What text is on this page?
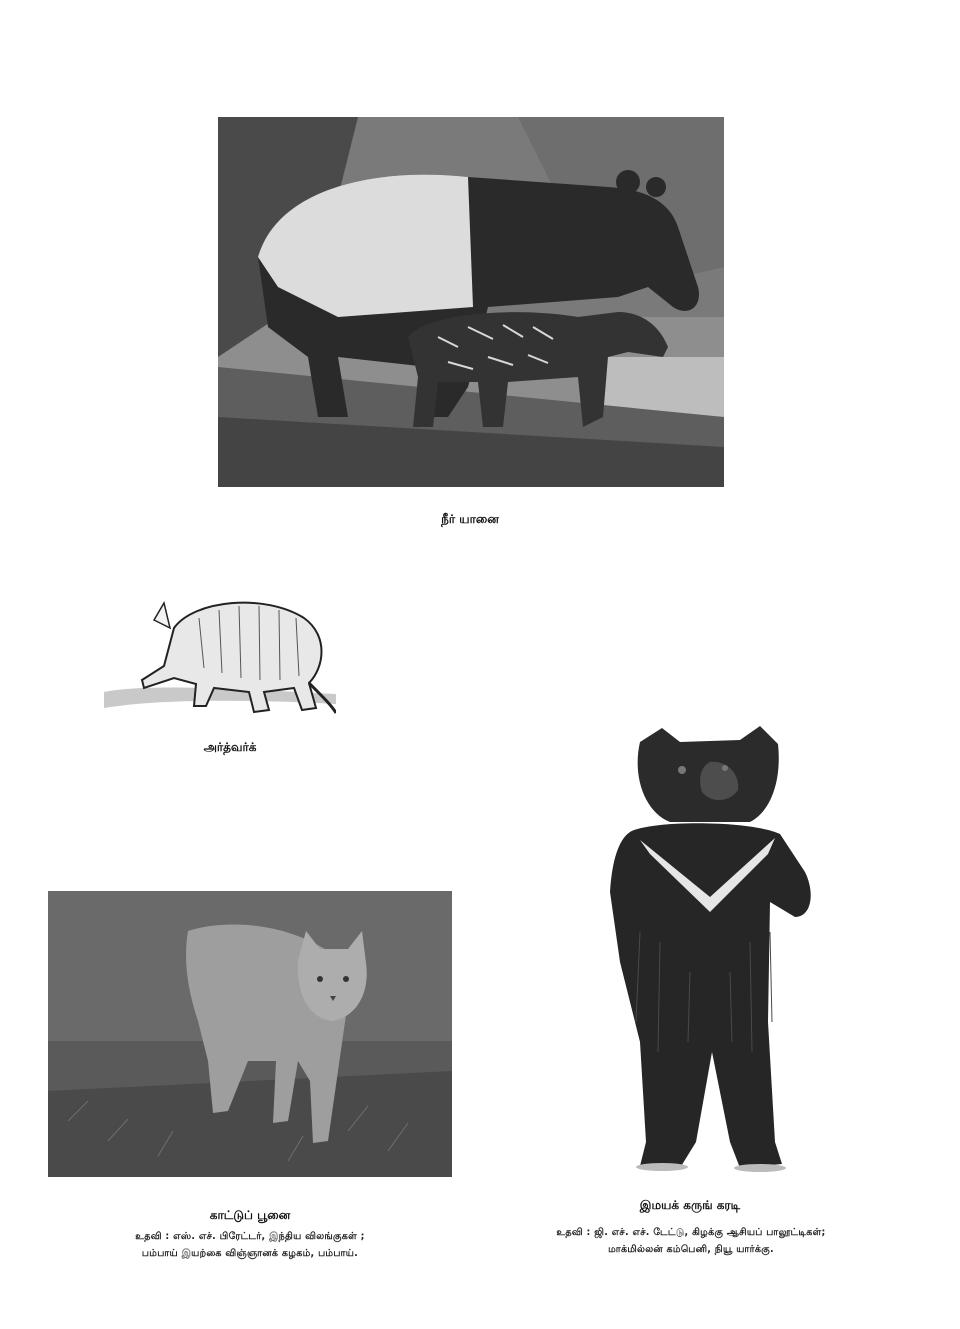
நீர் யானை
அர்த்வர்க்
காட்டுப் பூனை
உதவி : எஸ். எச். பிரேட்டர், இந்திய விலங்குகள் ;
பம்பாய் இயற்கை விஞ்ஞானக் கழகம், பம்பாய்.
இமயக் கருங் கரடி
உதவி : ஜி. எச். எச். டேட்டு, கிழக்கு ஆசியப் பாலூட்டிகள்;
மாக்மில்லன் கம்பெனி, நியூ யார்க்கு.
